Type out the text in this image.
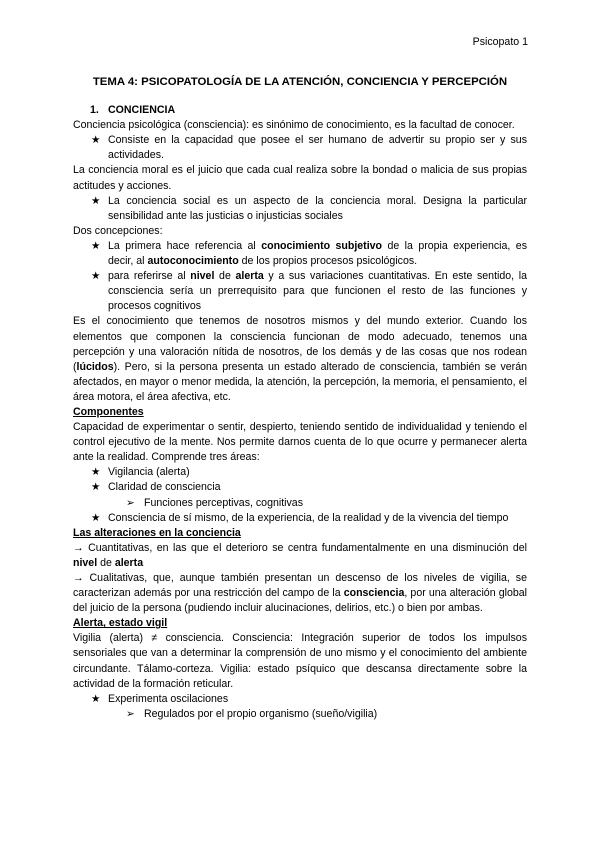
Psicopato 1
TEMA 4: PSICOPATOLOGÍA DE LA ATENCIÓN, CONCIENCIA Y PERCEPCIÓN
1. CONCIENCIA

Conciencia psicológica (consciencia): es sinónimo de conocimiento, es la facultad de conocer.

★ Consiste en la capacidad que posee el ser humano de advertir su propio ser y sus actividades.

La conciencia moral es el juicio que cada cual realiza sobre la bondad o malicia de sus propias actitudes y acciones.

★ La conciencia social es un aspecto de la conciencia moral. Designa la particular sensibilidad ante las justicias o injusticias sociales

Dos concepciones:

★ La primera hace referencia al conocimiento subjetivo de la propia experiencia, es decir, al autoconocimiento de los propios procesos psicológicos.
★ para referirse al nivel de alerta y a sus variaciones cuantitativas. En este sentido, la consciencia sería un prerrequisito para que funcionen el resto de las funciones y procesos cognitivos

Es el conocimiento que tenemos de nosotros mismos y del mundo exterior. Cuando los elementos que componen la consciencia funcionan de modo adecuado, tenemos una percepción y una valoración nítida de nosotros, de los demás y de las cosas que nos rodean (lúcidos). Pero, si la persona presenta un estado alterado de consciencia, también se verán afectados, en mayor o menor medida, la atención, la percepción, la memoria, el pensamiento, el área motora, el área afectiva, etc.

Componentes

Capacidad de experimentar o sentir, despierto, teniendo sentido de individualidad y teniendo el control ejecutivo de la mente. Nos permite darnos cuenta de lo que ocurre y permanecer alerta ante la realidad. Comprende tres áreas:

★ Vigilancia (alerta)
★ Claridad de consciencia
➢ Funciones perceptivas, cognitivas
★ Consciencia de sí mismo, de la experiencia, de la realidad y de la vivencia del tiempo
Las alteraciones en la conciencia

→ Cuantitativas, en las que el deterioro se centra fundamentalmente en una disminución del nivel de alerta

→ Cualitativas, que, aunque también presentan un descenso de los niveles de vigilia, se caracterizan además por una restricción del campo de la consciencia, por una alteración global del juicio de la persona (pudiendo incluir alucinaciones, delirios, etc.) o bien por ambas.

Alerta, estado vigil

Vigilia (alerta) ≠ consciencia. Consciencia: Integración superior de todos los impulsos sensoriales que van a determinar la comprensión de uno mismo y el conocimiento del ambiente circundante. Tálamo-corteza. Vigilia: estado psíquico que descansa directamente sobre la actividad de la formación reticular.

★ Experimenta oscilaciones
➢ Regulados por el propio organismo (sueño/vigilia)
